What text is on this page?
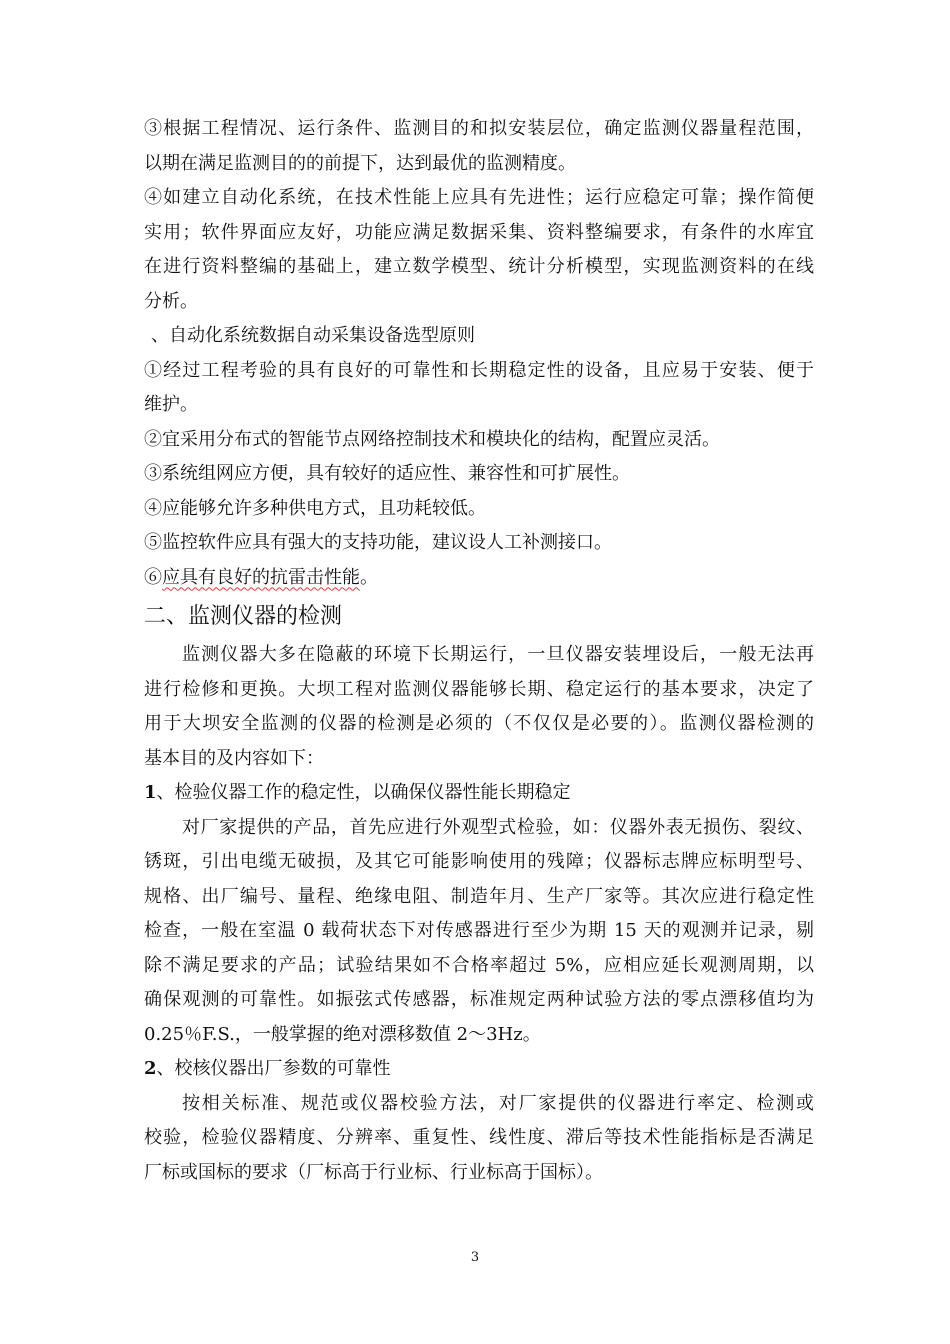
③根据工程情况、运行条件、监测目的和拟安装层位，确定监测仪器量程范围，
以期在满足监测目的的前提下，达到最优的监测精度。
④如建立自动化系统，在技术性能上应具有先进性；运行应稳定可靠；操作简便
实用；软件界面应友好，功能应满足数据采集、资料整编要求，有条件的水库宜
在进行资料整编的基础上，建立数学模型、统计分析模型，实现监测资料的在线
分析。
、自动化系统数据自动采集设备选型原则
①经过工程考验的具有良好的可靠性和长期稳定性的设备，且应易于安装、便于
维护。
②宜采用分布式的智能节点网络控制技术和模块化的结构，配置应灵活。
③系统组网应方便，具有较好的适应性、兼容性和可扩展性。
④应能够允许多种供电方式，且功耗较低。
⑤监控软件应具有强大的支持功能，建议设人工补测接口。
⑥应具有良好的抗雷击性能。
二、监测仪器的检测
监测仪器大多在隐蔽的环境下长期运行，一旦仪器安装埋设后，一般无法再
进行检修和更换。大坝工程对监测仪器能够长期、稳定运行的基本要求，决定了
用于大坝安全监测的仪器的检测是必须的（不仅仅是必要的）。监测仪器检测的
基本目的及内容如下：
1、检验仪器工作的稳定性，以确保仪器性能长期稳定
对厂家提供的产品，首先应进行外观型式检验，如：仪器外表无损伤、裂纹、
锈斑，引出电缆无破损，及其它可能影响使用的残障；仪器标志牌应标明型号、
规格、出厂编号、量程、绝缘电阻、制造年月、生产厂家等。其次应进行稳定性
检查，一般在室温 0 载荷状态下对传感器进行至少为期 15 天的观测并记录，剔
除不满足要求的产品；试验结果如不合格率超过 5%，应相应延长观测周期，以
确保观测的可靠性。如振弦式传感器，标准规定两种试验方法的零点漂移值均为
0.25％F.S.，一般掌握的绝对漂移数值 2～3Hz。
2、校核仪器出厂参数的可靠性
按相关标准、规范或仪器校验方法，对厂家提供的仪器进行率定、检测或
校验，检验仪器精度、分辨率、重复性、线性度、滞后等技术性能指标是否满足
厂标或国标的要求（厂标高于行业标、行业标高于国标）。
3
